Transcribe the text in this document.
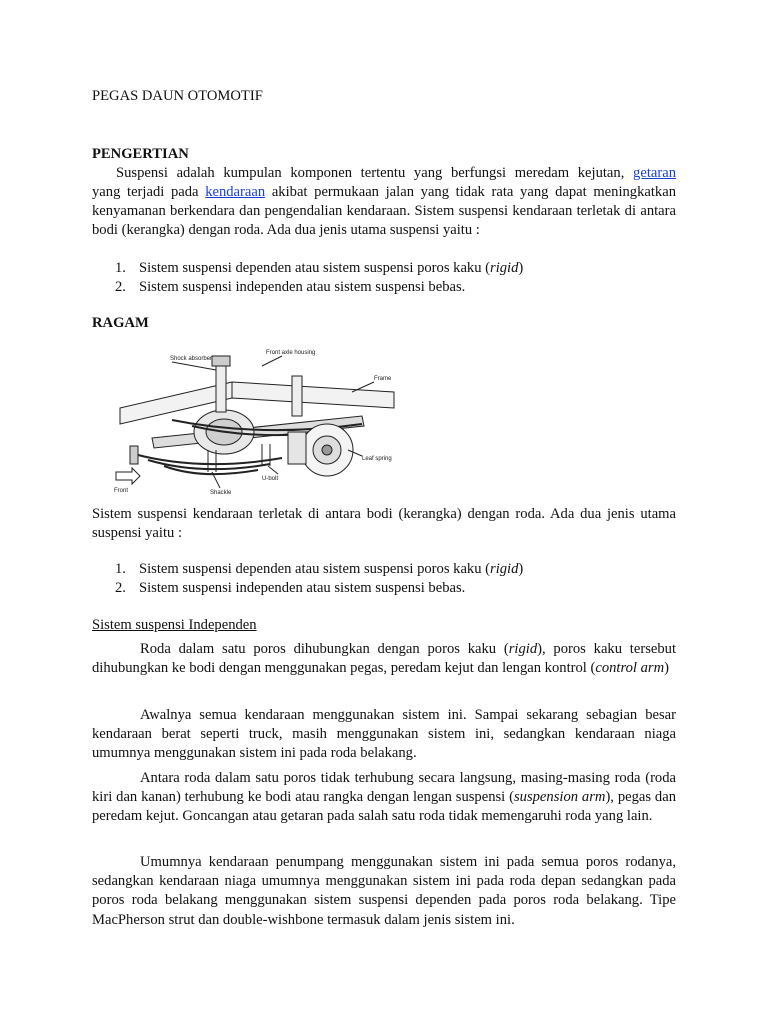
PEGAS DAUN OTOMOTIF
PENGERTIAN
Suspensi adalah kumpulan komponen tertentu yang berfungsi meredam kejutan, getaran
yang terjadi pada kendaraan akibat permukaan jalan yang tidak rata yang dapat meningkatkan kenyamanan berkendara dan pengendalian kendaraan. Sistem suspensi kendaraan terletak di antara bodi (kerangka) dengan roda. Ada dua jenis utama suspensi yaitu :
1. Sistem suspensi dependen atau sistem suspensi poros kaku (rigid)
2. Sistem suspensi independen atau sistem suspensi bebas.
RAGAM
Shock absorber
Front axle housing
Frame
Leaf spring
U-bolt
Shackle
Front
Sistem suspensi kendaraan terletak di antara bodi (kerangka) dengan roda. Ada dua jenis utama suspensi yaitu :
1. Sistem suspensi dependen atau sistem suspensi poros kaku (rigid)
2. Sistem suspensi independen atau sistem suspensi bebas.
Sistem suspensi Independen
Roda dalam satu poros dihubungkan dengan poros kaku (rigid), poros kaku tersebut dihubungkan ke bodi dengan menggunakan pegas, peredam kejut dan lengan kontrol (control arm)
Awalnya semua kendaraan menggunakan sistem ini. Sampai sekarang sebagian besar kendaraan berat seperti truck, masih menggunakan sistem ini, sedangkan kendaraan niaga umumnya menggunakan sistem ini pada roda belakang.
Antara roda dalam satu poros tidak terhubung secara langsung, masing-masing roda (roda kiri dan kanan) terhubung ke bodi atau rangka dengan lengan suspensi (suspension arm), pegas dan peredam kejut. Goncangan atau getaran pada salah satu roda tidak memengaruhi roda yang lain.
Umumnya kendaraan penumpang menggunakan sistem ini pada semua poros rodanya, sedangkan kendaraan niaga umumnya menggunakan sistem ini pada roda depan sedangkan pada poros roda belakang menggunakan sistem suspensi dependen pada poros roda belakang. Tipe MacPherson strut dan double-wishbone termasuk dalam jenis sistem ini.
